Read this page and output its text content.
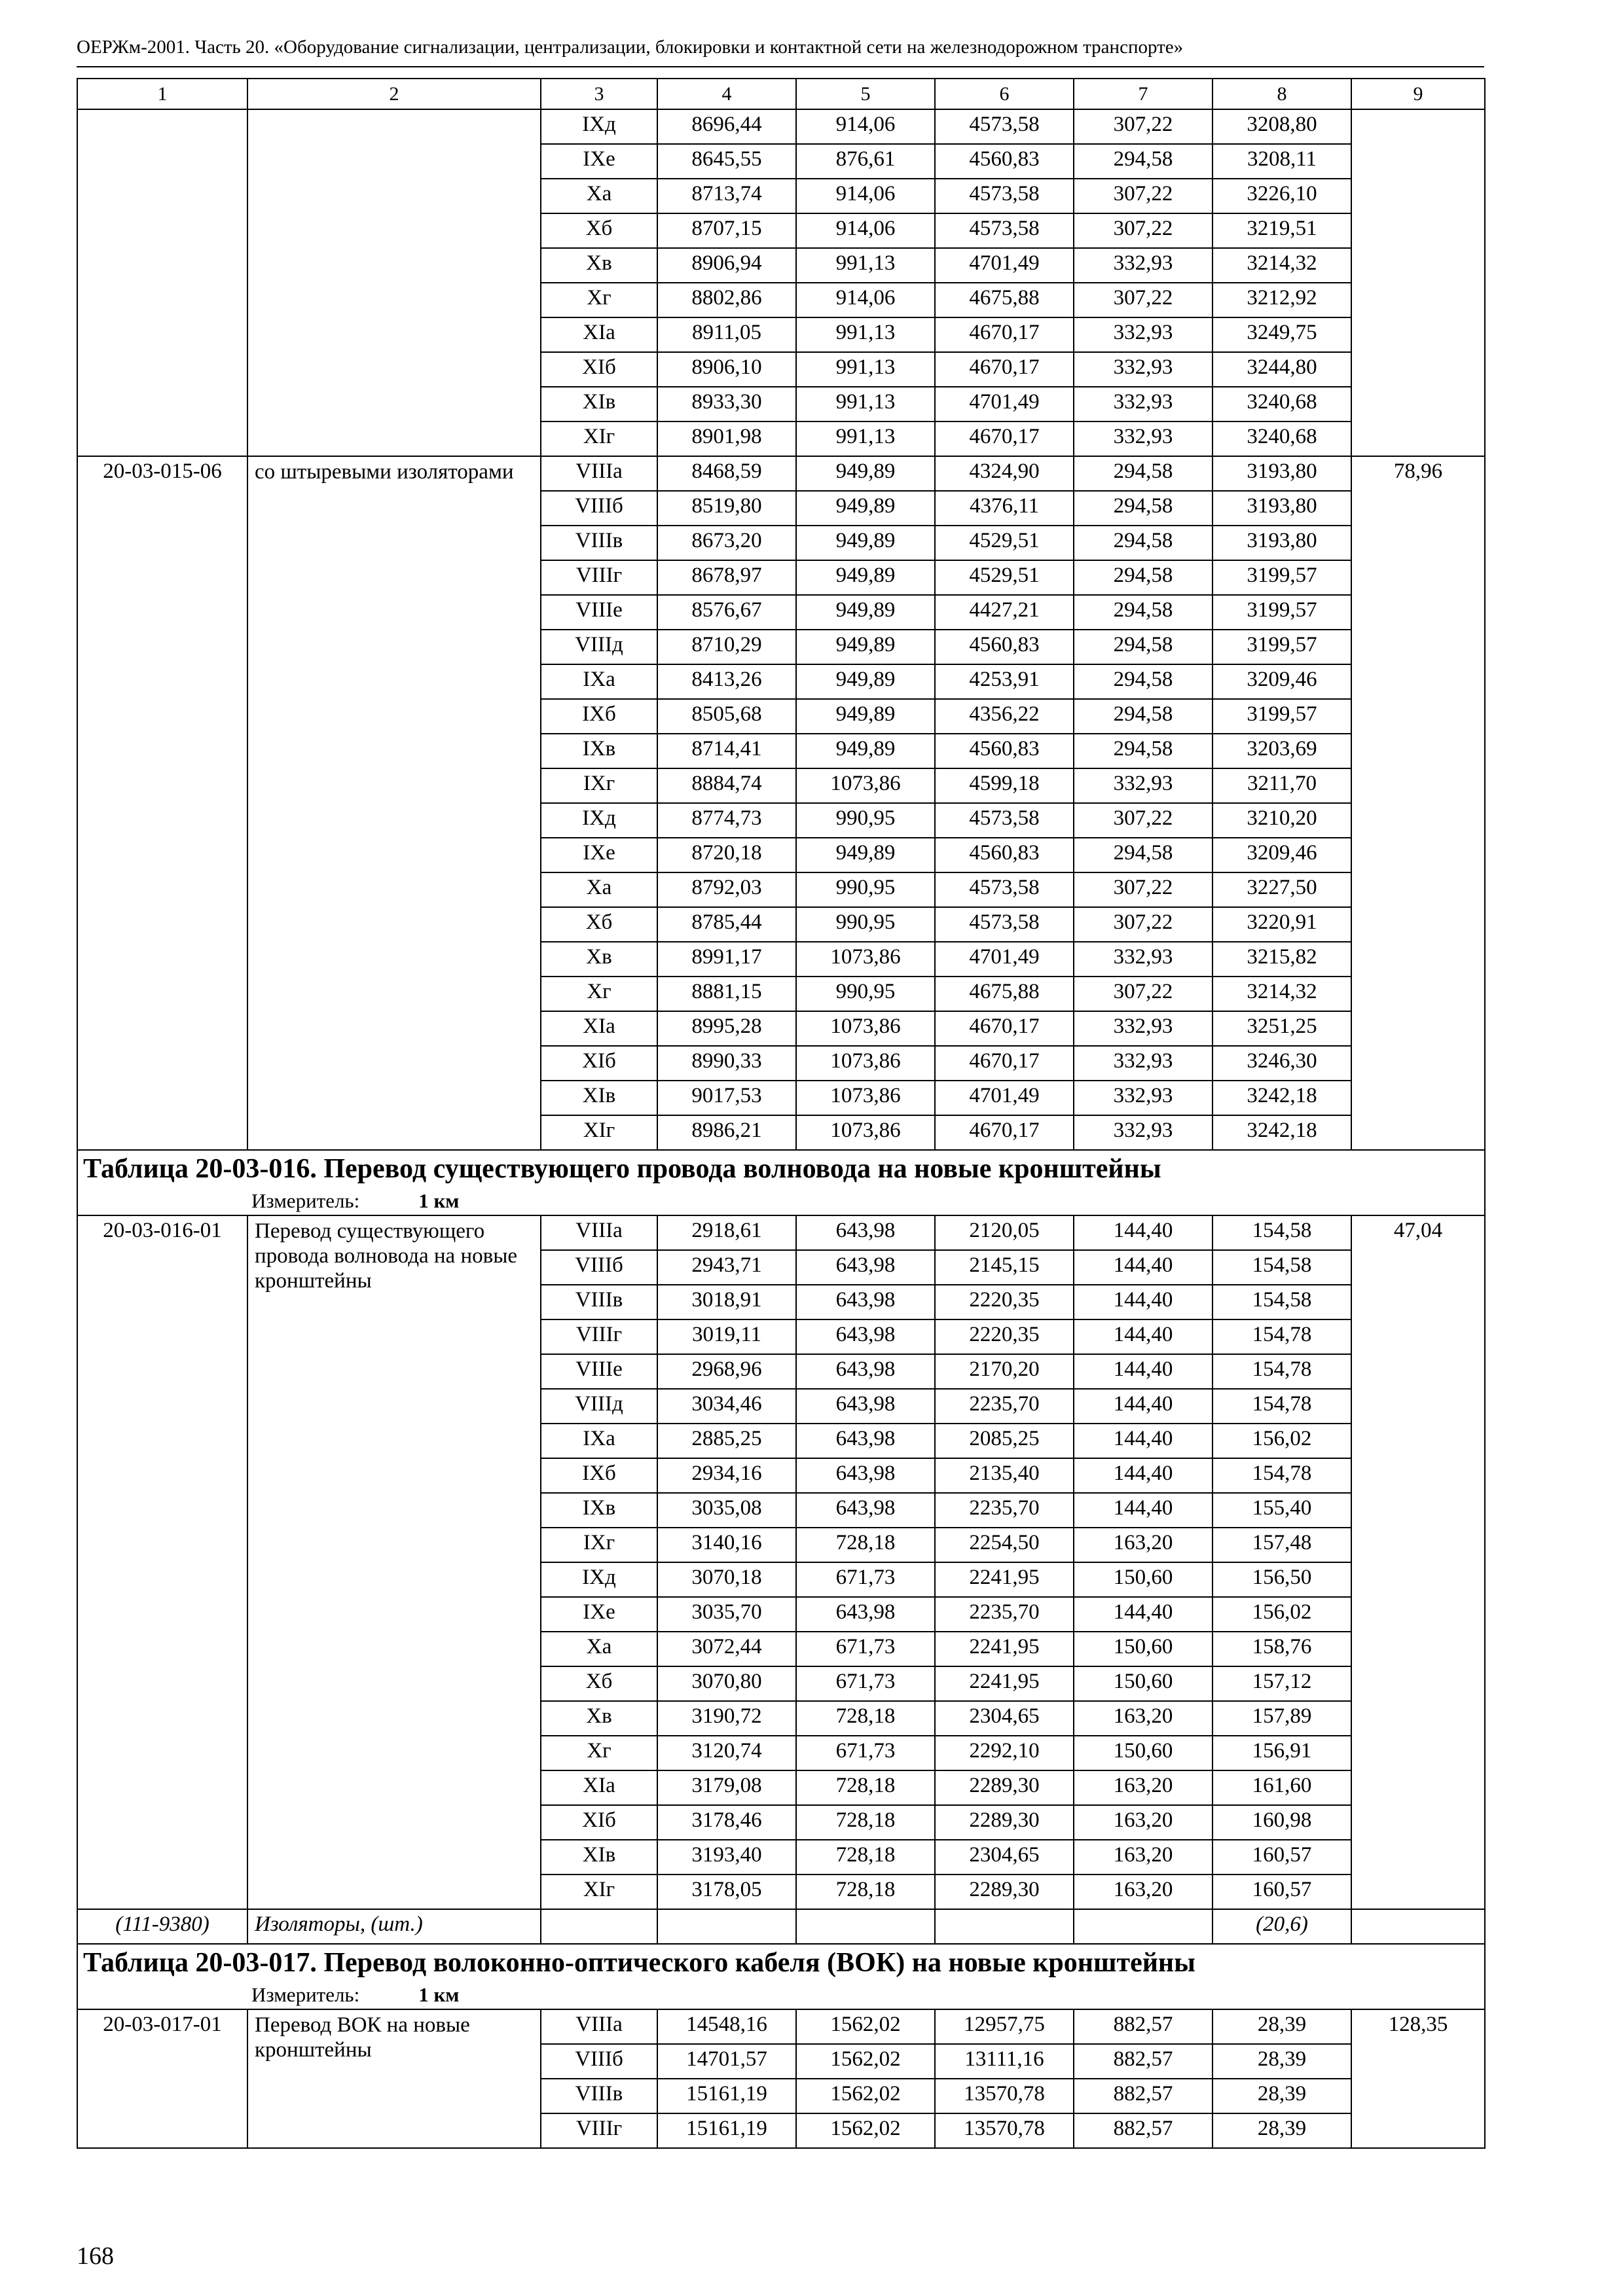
ОЕРЖм-2001. Часть 20. «Оборудование сигнализации, централизации, блокировки и контактной сети на железнодорожном транспорте»
1	2	3	4	5	6	7	8	9
		IXд	8696,44	914,06	4573,58	307,22	3208,80	
		IXе	8645,55	876,61	4560,83	294,58	3208,11	
		Xа	8713,74	914,06	4573,58	307,22	3226,10	
		Xб	8707,15	914,06	4573,58	307,22	3219,51	
		Xв	8906,94	991,13	4701,49	332,93	3214,32	
		Xг	8802,86	914,06	4675,88	307,22	3212,92	
		XIа	8911,05	991,13	4670,17	332,93	3249,75	
		XIб	8906,10	991,13	4670,17	332,93	3244,80	
		XIв	8933,30	991,13	4701,49	332,93	3240,68	
		XIг	8901,98	991,13	4670,17	332,93	3240,68	
20-03-015-06	со штыревыми изоляторами	VIIIа	8468,59	949,89	4324,90	294,58	3193,80	78,96
		VIIIб	8519,80	949,89	4376,11	294,58	3193,80	
		VIIIв	8673,20	949,89	4529,51	294,58	3193,80	
		VIIIг	8678,97	949,89	4529,51	294,58	3199,57	
		VIIIе	8576,67	949,89	4427,21	294,58	3199,57	
		VIIIд	8710,29	949,89	4560,83	294,58	3199,57	
		IXа	8413,26	949,89	4253,91	294,58	3209,46	
		IXб	8505,68	949,89	4356,22	294,58	3199,57	
		IXв	8714,41	949,89	4560,83	294,58	3203,69	
		IXг	8884,74	1073,86	4599,18	332,93	3211,70	
		IXд	8774,73	990,95	4573,58	307,22	3210,20	
		IXе	8720,18	949,89	4560,83	294,58	3209,46	
		Xа	8792,03	990,95	4573,58	307,22	3227,50	
		Xб	8785,44	990,95	4573,58	307,22	3220,91	
		Xв	8991,17	1073,86	4701,49	332,93	3215,82	
		Xг	8881,15	990,95	4675,88	307,22	3214,32	
		XIа	8995,28	1073,86	4670,17	332,93	3251,25	
		XIб	8990,33	1073,86	4670,17	332,93	3246,30	
		XIв	9017,53	1073,86	4701,49	332,93	3242,18	
		XIг	8986,21	1073,86	4670,17	332,93	3242,18	
Таблица 20-03-016. Перевод существующего провода волновода на новые кронштейны								
Измеритель: 1 км								
20-03-016-01	Перевод существующего провода волновода на новые кронштейны	VIIIа	2918,61	643,98	2120,05	144,40	154,58	47,04
		VIIIб	2943,71	643,98	2145,15	144,40	154,58	
		VIIIв	3018,91	643,98	2220,35	144,40	154,58	
		VIIIг	3019,11	643,98	2220,35	144,40	154,78	
		VIIIе	2968,96	643,98	2170,20	144,40	154,78	
		VIIIд	3034,46	643,98	2235,70	144,40	154,78	
		IXа	2885,25	643,98	2085,25	144,40	156,02	
		IXб	2934,16	643,98	2135,40	144,40	154,78	
		IXв	3035,08	643,98	2235,70	144,40	155,40	
		IXг	3140,16	728,18	2254,50	163,20	157,48	
		IXд	3070,18	671,73	2241,95	150,60	156,50	
		IXе	3035,70	643,98	2235,70	144,40	156,02	
		Xа	3072,44	671,73	2241,95	150,60	158,76	
		Xб	3070,80	671,73	2241,95	150,60	157,12	
		Xв	3190,72	728,18	2304,65	163,20	157,89	
		Xг	3120,74	671,73	2292,10	150,60	156,91	
		XIа	3179,08	728,18	2289,30	163,20	161,60	
		XIб	3178,46	728,18	2289,30	163,20	160,98	
		XIв	3193,40	728,18	2304,65	163,20	160,57	
		XIг	3178,05	728,18	2289,30	163,20	160,57	
(111-9380)	Изоляторы, (шт.)						(20,6)	
Таблица 20-03-017. Перевод волоконно-оптического кабеля (ВОК) на новые кронштейны								
Измеритель: 1 км								
20-03-017-01	Перевод ВОК на новые кронштейны	VIIIа	14548,16	1562,02	12957,75	882,57	28,39	128,35
		VIIIб	14701,57	1562,02	13111,16	882,57	28,39	
		VIIIв	15161,19	1562,02	13570,78	882,57	28,39	
		VIIIг	15161,19	1562,02	13570,78	882,57	28,39	
168
